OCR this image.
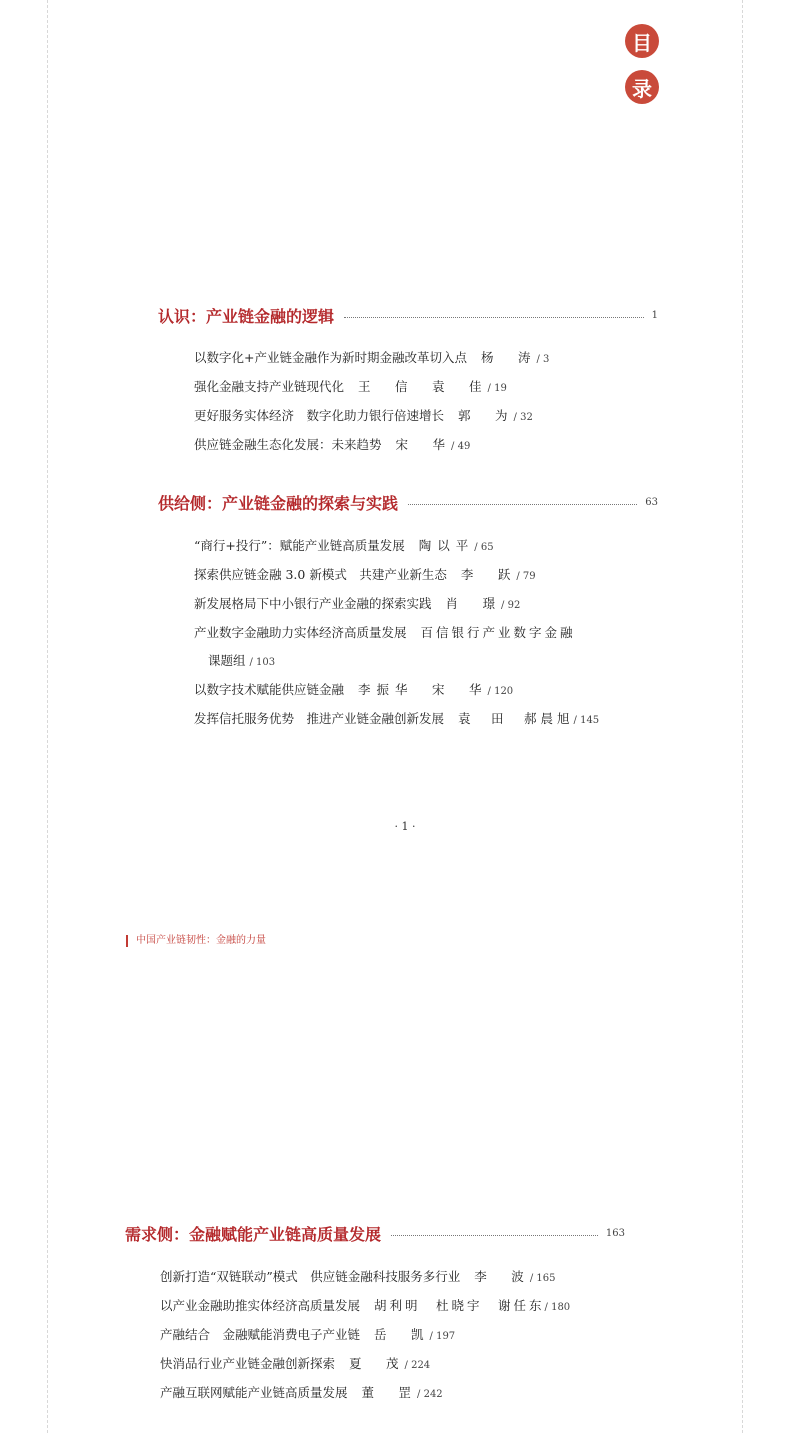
目
录
认识：产业链金融的逻辑	1
以数字化+产业链金融作为新时期金融改革切入点 杨　涛/ 3
强化金融支持产业链现代化 王　信　袁　佳/ 19
更好服务实体经济　数字化助力银行倍速增长 郭　为/ 32
供应链金融生态化发展：未来趋势 宋　华/ 49
供给侧：产业链金融的探索与实践	63
“商行+投行”：赋能产业链高质量发展 陶以平/ 65
探索供应链金融 3.0 新模式　共建产业新生态 李　跃/ 79
新发展格局下中小银行产业金融的探索实践 肖　璟/ 92
产业数字金融助力实体经济高质量发展 百信银行产业数字金融
课题组 / 103
以数字技术赋能供应链金融 李振华　宋　华/ 120
发挥信托服务优势　推进产业链金融创新发展 袁　田　郝晨旭/ 145
· 1 ·
中国产业链韧性：金融的力量
需求侧：金融赋能产业链高质量发展	163
创新打造“双链联动”模式　供应链金融科技服务多行业 李　波/ 165
以产业金融助推实体经济高质量发展 胡利明　杜晓宇　谢任东/ 180
产融结合　金融赋能消费电子产业链 岳　凯/ 197
快消品行业产业链金融创新探索 夏　茂/ 224
产融互联网赋能产业链高质量发展 董　罡/ 242
